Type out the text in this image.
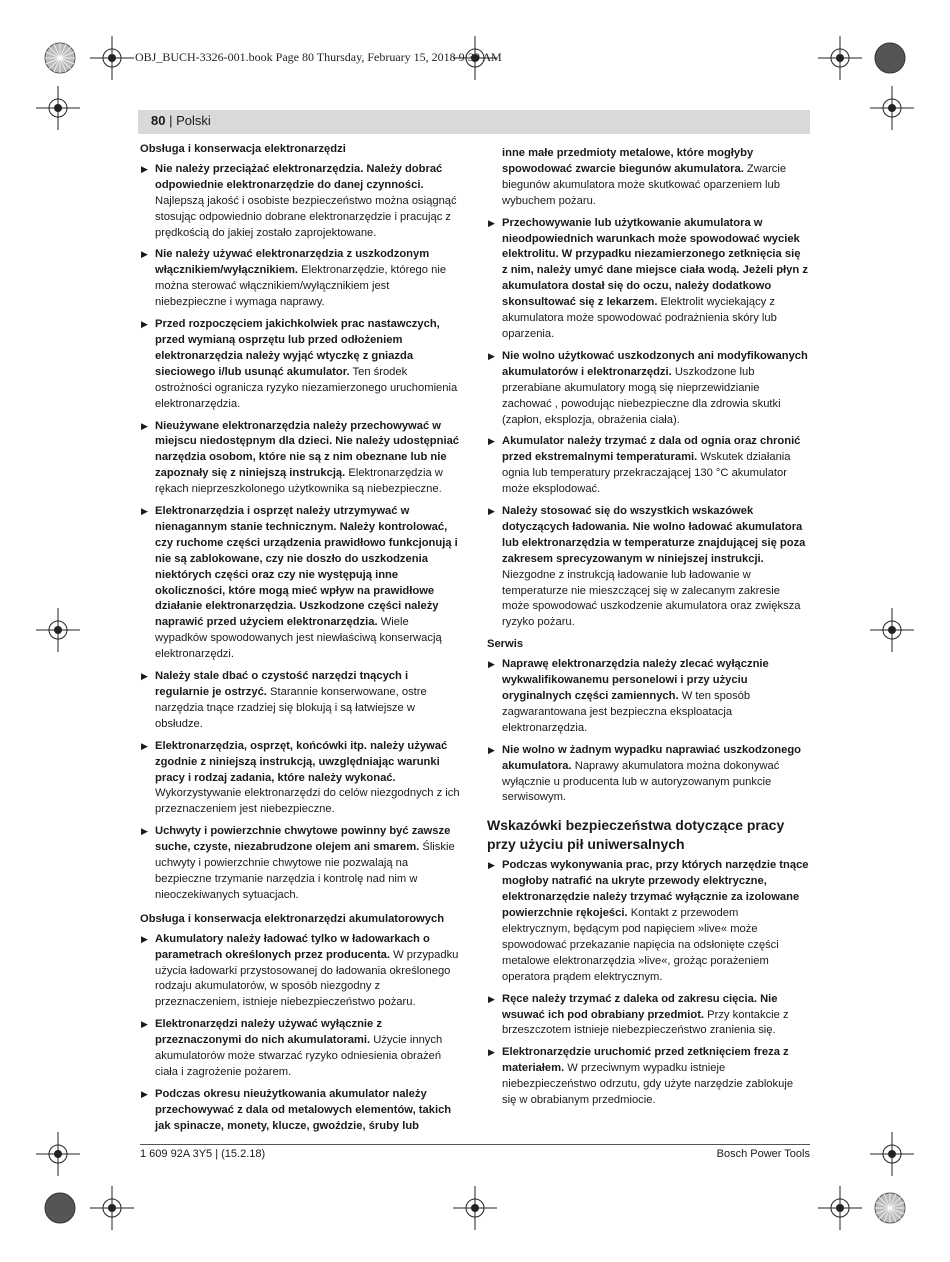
OBJ_BUCH-3326-001.book Page 80 Thursday, February 15, 2018 9:39 AM
80 | Polski
Obsługa i konserwacja elektronarzędzi
▶ Nie należy przeciążać elektronarzędzia. Należy dobrać odpowiednie elektronarzędzie do danej czynności. Najlepszą jakość i osobiste bezpieczeństwo można osiągnąć stosując odpowiednio dobrane elektronarzędzie i pracując z prędkością do jakiej zostało zaprojektowane.
▶ Nie należy używać elektronarzędzia z uszkodzonym włącznikiem/wyłącznikiem. Elektronarzędzie, którego nie można sterować włącznikiem/wyłącznikiem jest niebezpieczne i wymaga naprawy.
▶ Przed rozpoczęciem jakichkolwiek prac nastawczych, przed wymianą osprzętu lub przed odłożeniem elektronarzędzia należy wyjąć wtyczkę z gniazda sieciowego i/lub usunąć akumulator. Ten środek ostrożności ogranicza ryzyko niezamierzonego uruchomienia elektronarzędzia.
▶ Nieużywane elektronarzędzia należy przechowywać w miejscu niedostępnym dla dzieci. Nie należy udostępniać narzędzia osobom, które nie są z nim obeznane lub nie zapoznały się z niniejszą instrukcją. Elektronarzędzia w rękach nieprzeszkolonego użytkownika są niebezpieczne.
▶ Elektronarzędzia i osprzęt należy utrzymywać w nienagannym stanie technicznym. Należy kontrolować, czy ruchome części urządzenia prawidłowo funkcjonują i nie są zablokowane, czy nie doszło do uszkodzenia niektórych części oraz czy nie występują inne okoliczności, które mogą mieć wpływ na prawidłowe działanie elektronarzędzia. Uszkodzone części należy naprawić przed użyciem elektronarzędzia. Wiele wypadków spowodowanych jest niewłaściwą konserwacją elektronarzędzi.
▶ Należy stale dbać o czystość narzędzi tnących i regularnie je ostrzyć. Starannie konserwowane, ostre narzędzia tnące rzadziej się blokują i są łatwiejsze w obsłudze.
▶ Elektronarzędzia, osprzęt, końcówki itp. należy używać zgodnie z niniejszą instrukcją, uwzględniając warunki pracy i rodzaj zadania, które należy wykonać. Wykorzystywanie elektronarzędzi do celów niezgodnych z ich przeznaczeniem jest niebezpieczne.
▶ Uchwyty i powierzchnie chwytowe powinny być zawsze suche, czyste, niezabrudzone olejem ani smarem. Śliskie uchwyty i powierzchnie chwytowe nie pozwalają na bezpieczne trzymanie narzędzia i kontrolę nad nim w nieoczekiwanych sytuacjach.
Obsługa i konserwacja elektronarzędzi akumulatorowych
▶ Akumulatory należy ładować tylko w ładowarkach o parametrach określonych przez producenta. W przypadku użycia ładowarki przystosowanej do ładowania określonego rodzaju akumulatorów, w sposób niezgodny z przeznaczeniem, istnieje niebezpieczeństwo pożaru.
▶ Elektronarzędzi należy używać wyłącznie z przeznaczonymi do nich akumulatorami. Użycie innych akumulatorów może stwarzać ryzyko odniesienia obrażeń ciała i zagrożenie pożarem.
▶ Podczas okresu nieużytkowania akumulator należy przechowywać z dala od metalowych elementów, takich jak spinacze, monety, klucze, gwoździe, śruby lub
inne małe przedmioty metalowe, które mogłyby spowodować zwarcie biegunów akumulatora. Zwarcie biegunów akumulatora może skutkować oparzeniem lub wybuchem pożaru.
▶ Przechowywanie lub użytkowanie akumulatora w nieodpowiednich warunkach może spowodować wyciek elektrolitu. W przypadku niezamierzonego zetknięcia się z nim, należy umyć dane miejsce ciała wodą. Jeżeli płyn z akumulatora dostał się do oczu, należy dodatkowo skonsultować się z lekarzem. Elektrolit wyciekający z akumulatora może spowodować podrażnienia skóry lub oparzenia.
▶ Nie wolno użytkować uszkodzonych ani modyfikowanych akumulatorów i elektronarzędzi. Uszkodzone lub przerabiane akumulatory mogą się nieprzewidzianie zachować , powodując niebezpieczne dla zdrowia skutki (zapłon, eksplozja, obrażenia ciała).
▶ Akumulator należy trzymać z dala od ognia oraz chronić przed ekstremalnymi temperaturami. Wskutek działania ognia lub temperatury przekraczającej 130 °C akumulator może eksplodować.
▶ Należy stosować się do wszystkich wskazówek dotyczących ładowania. Nie wolno ładować akumulatora lub elektronarzędzia w temperaturze znajdującej się poza zakresem sprecyzowanym w niniejszej instrukcji. Niezgodne z instrukcją ładowanie lub ładowanie w temperaturze nie mieszczącej się w zalecanym zakresie może spowodować uszkodzenie akumulatora oraz zwiększa ryzyko pożaru.
Serwis
▶ Naprawę elektronarzędzia należy zlecać wyłącznie wykwalifikowanemu personelowi i przy użyciu oryginalnych części zamiennych. W ten sposób zagwarantowana jest bezpieczna eksploatacja elektronarzędzia.
▶ Nie wolno w żadnym wypadku naprawiać uszkodzonego akumulatora. Naprawy akumulatora można dokonywać wyłącznie u producenta lub w autoryzowanym punkcie serwisowym.
Wskazówki bezpieczeństwa dotyczące pracy przy użyciu pił uniwersalnych
▶ Podczas wykonywania prac, przy których narzędzie tnące mogłoby natrafić na ukryte przewody elektryczne, elektronarzędzie należy trzymać wyłącznie za izolowane powierzchnie rękojeści. Kontakt z przewodem elektrycznym, będącym pod napięciem »live« może spowodować przekazanie napięcia na odsłonięte części metalowe elektronarzędzia »live«, grożąc porażeniem operatora prądem elektrycznym.
▶ Ręce należy trzymać z daleka od zakresu cięcia. Nie wsuwać ich pod obrabiany przedmiot. Przy kontakcie z brzeszczotem istnieje niebezpieczeństwo zranienia się.
▶ Elektronarzędzie uruchomić przed zetknięciem freza z materiałem. W przeciwnym wypadku istnieje niebezpieczeństwo odrzutu, gdy użyte narzędzie zablokuje się w obrabianym przedmiocie.
1 609 92A 3Y5 | (15.2.18)	Bosch Power Tools
